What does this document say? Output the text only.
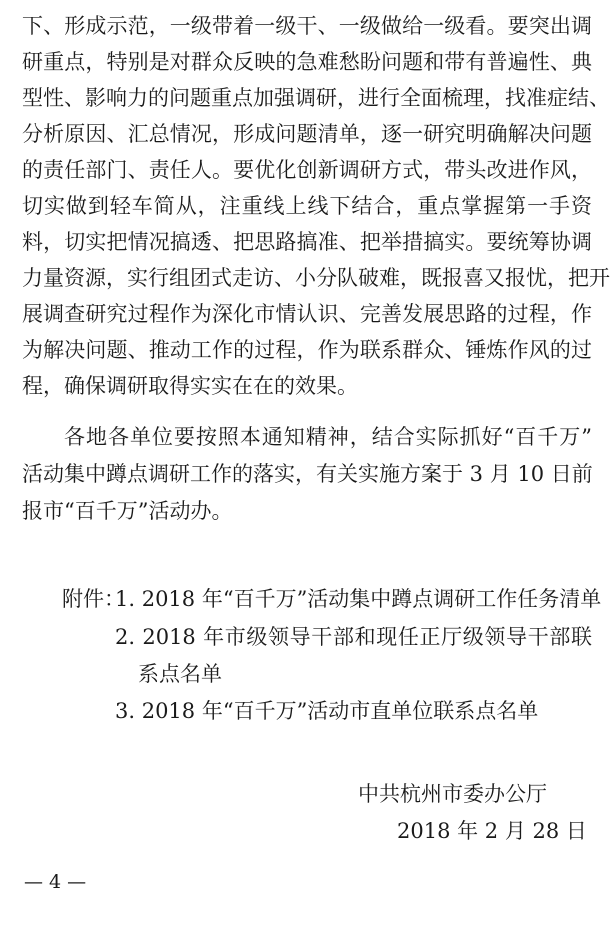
下、形成示范，一级带着一级干、一级做给一级看。要突出调
研重点，特别是对群众反映的急难愁盼问题和带有普遍性、典
型性、影响力的问题重点加强调研，进行全面梳理，找准症结、
分析原因、汇总情况，形成问题清单，逐一研究明确解决问题
的责任部门、责任人。要优化创新调研方式，带头改进作风，
切实做到轻车简从，注重线上线下结合，重点掌握第一手资
料，切实把情况搞透、把思路搞准、把举措搞实。要统筹协调
力量资源，实行组团式走访、小分队破难，既报喜又报忧，把开
展调查研究过程作为深化市情认识、完善发展思路的过程，作
为解决问题、推动工作的过程，作为联系群众、锤炼作风的过
程，确保调研取得实实在在的效果。
各地各单位要按照本通知精神，结合实际抓好“百千万”
活动集中蹲点调研工作的落实，有关实施方案于 3 月 10 日前
报市“百千万”活动办。
附件：
1. 2018 年“百千万”活动集中蹲点调研工作任务清单
2. 2018 年市级领导干部和现任正厅级领导干部联
系点名单
3. 2018 年“百千万”活动市直单位联系点名单
中共杭州市委办公厅
2018 年 2 月 28 日
— 4 —
